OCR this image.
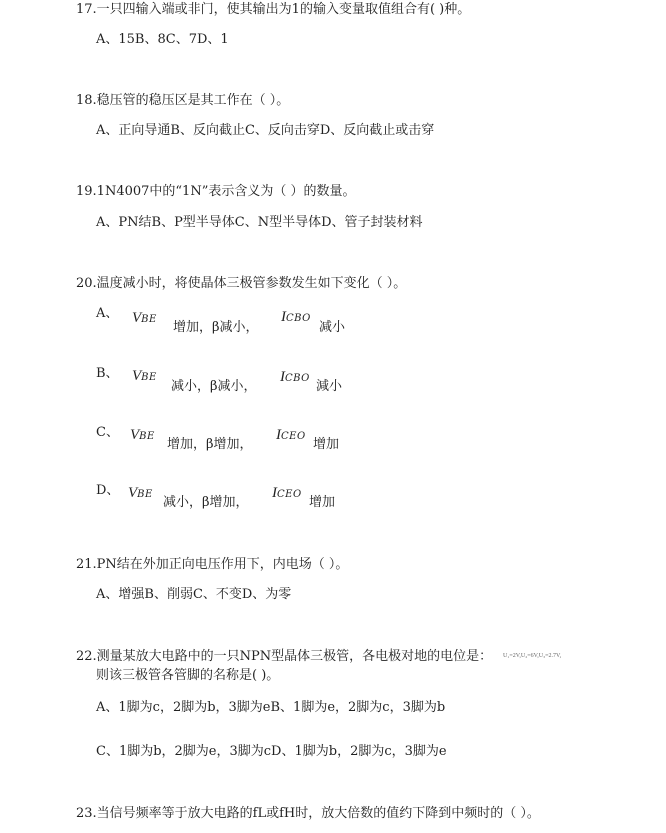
17.一只四输入端或非门，使其输出为1的输入变量取值组合有( )种。
A、15B、8C、7D、1
18.稳压管的稳压区是其工作在（ ）。
A、正向导通B、反向截止C、反向击穿D、反向截止或击穿
19.1N4007中的“1N”表示含义为（ ）的数量。
A、PN结B、P型半导体C、N型半导体D、管子封装材料
20.温度减小时，将使晶体三极管参数发生如下变化（ ）。
A、 VBE
增加，β减小，
ICBO
减小
B、 VBE
减小，β减小，
ICBO
減小
C、 VBE
增加，β增加，
ICEO
增加
D、 VBE
减小，β增加，
ICEO
增加
21.PN结在外加正向电压作用下，内电场（ ）。
A、增强B、削弱C、不变D、为零
22.测量某放大电路中的一只NPN型晶体三极管，各电极对地的电位是： U₁=2V,U₂=6V,U₃=2.7V,
则该三极管各管脚的名称是( )。
A、1脚为c，2脚为b，3脚为eB、1脚为e，2脚为c，3脚为b
C、1脚为b，2脚为e，3脚为cD、1脚为b，2脚为c，3脚为e
23.当信号频率等于放大电路的fL或fH时，放大倍数的值约下降到中频时的（ ）。
